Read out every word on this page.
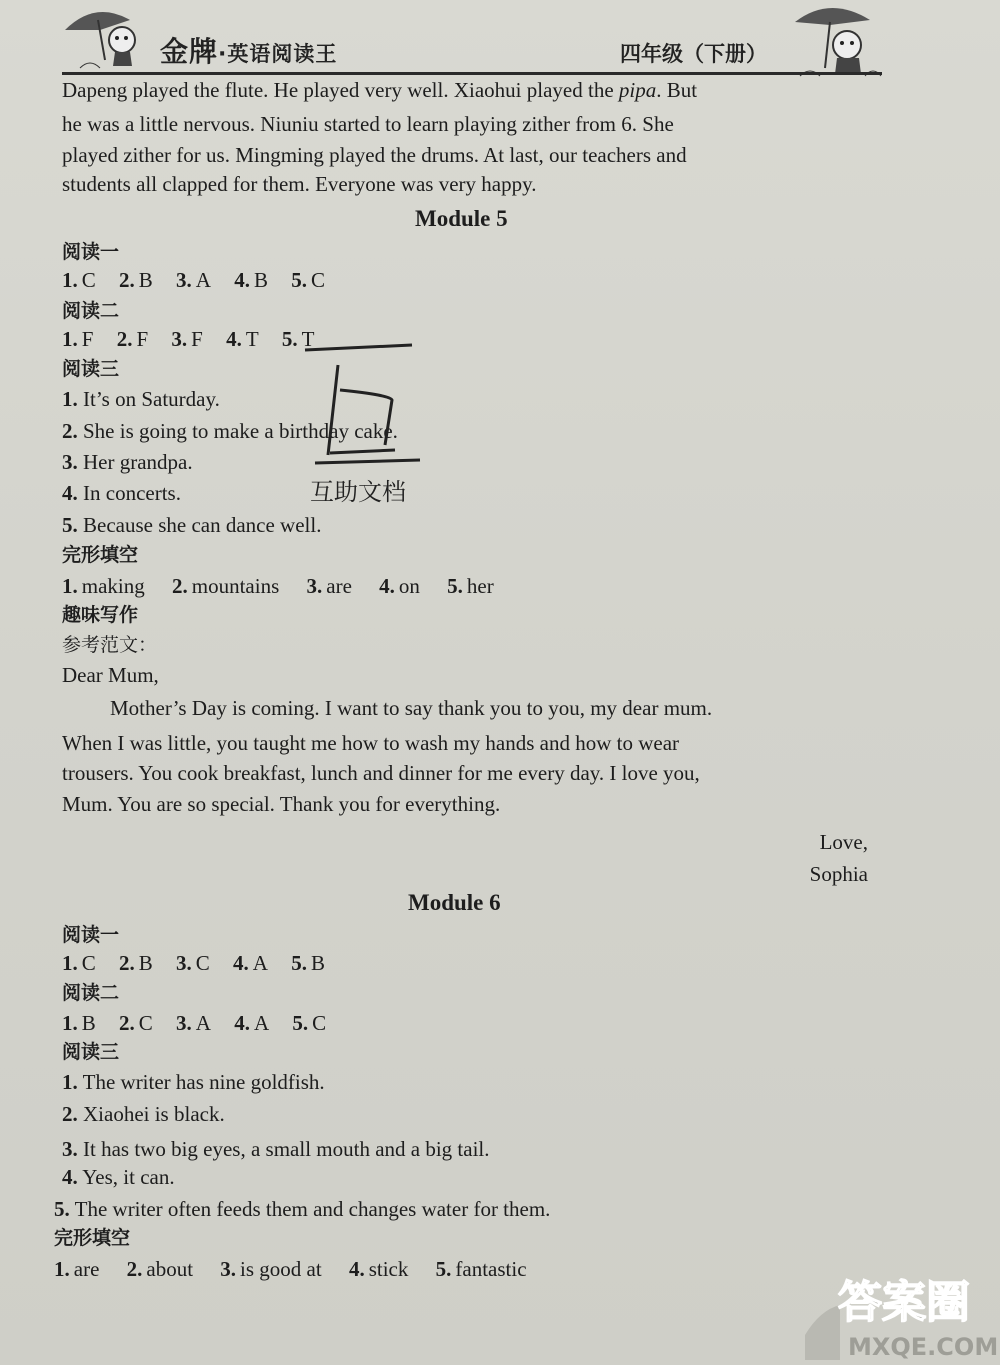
金牌·英语阅读王	四年级（下册）
Dapeng played the flute. He played very well. Xiaohui played the pipa. But
he was a little nervous. Niuniu started to learn playing zither from 6. She
played zither for us. Mingming played the drums. At last, our teachers and
students all clapped for them. Everyone was very happy.
Module 5
阅读一
1. C 2. B 3. A 4. B 5. C
阅读二
1. F 2. F 3. F 4. T 5. T
阅读三
1. It’s on Saturday.
2. She is going to make a birthday cake.
3. Her grandpa.
4. In concerts.
5. Because she can dance well.
完形填空
1. making 2. mountains 3. are 4. on 5. her
趣味写作
参考范文：
Dear Mum,
Mother’s Day is coming. I want to say thank you to you, my dear mum.
When I was little, you taught me how to wash my hands and how to wear
trousers. You cook breakfast, lunch and dinner for me every day. I love you,
Mum. You are so special. Thank you for everything.
Love,
Sophia
Module 6
阅读一
1. C 2. B 3. C 4. A 5. B
阅读二
1. B 2. C 3. A 4. A 5. C
阅读三
1. The writer has nine goldfish.
2. Xiaohei is black.
3. It has two big eyes, a small mouth and a big tail.
4. Yes, it can.
5. The writer often feeds them and changes water for them.
完形填空
1. are 2. about 3. is good at 4. stick 5. fantastic
互助文档
答案圈
MXQE.COM
